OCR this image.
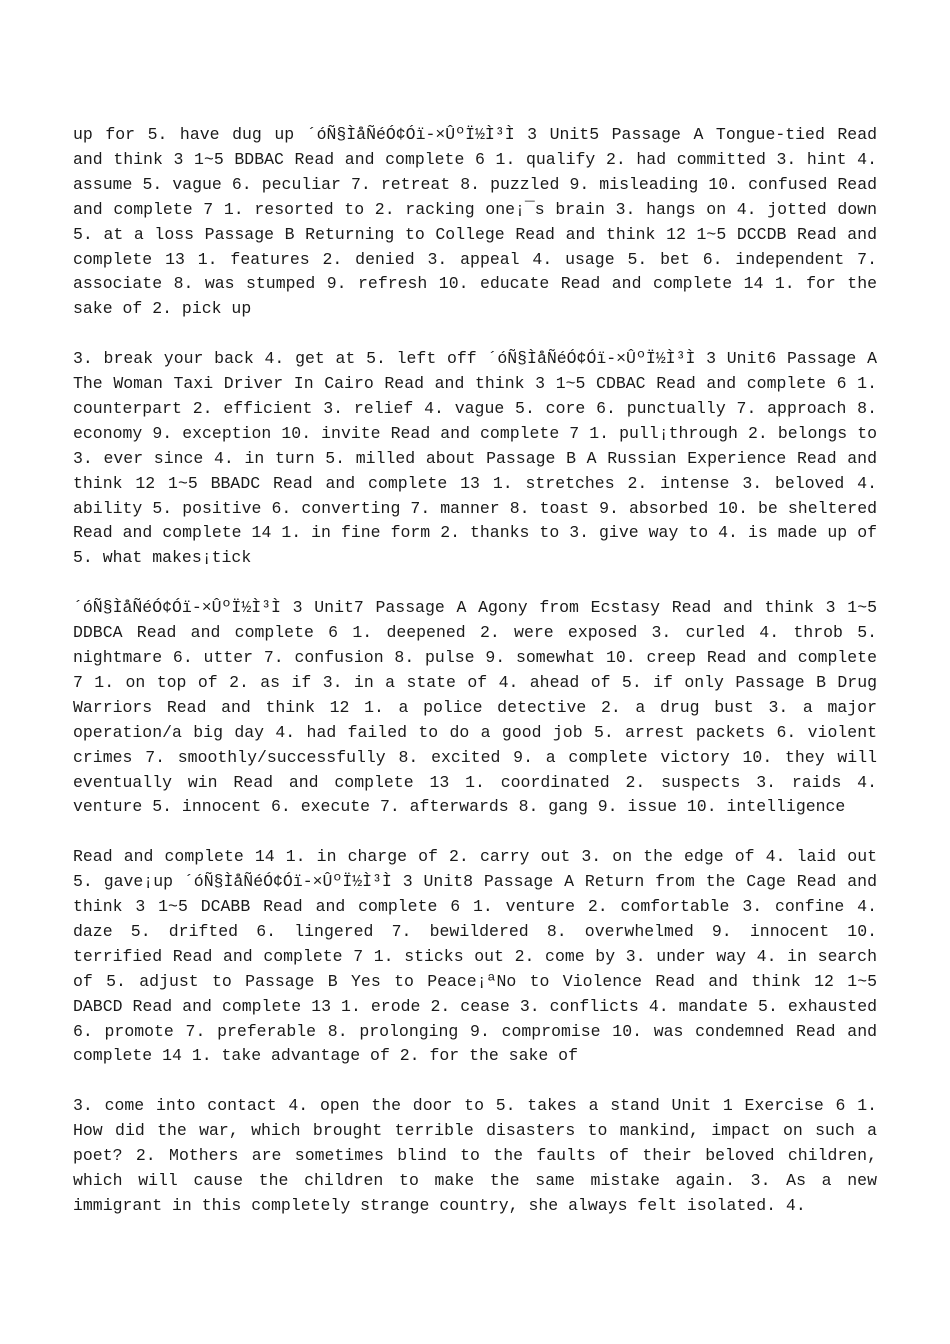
up for 5. have dug up ´óÑ§ÌåÑéÓ¢Óï-×ÛºÏ½Ì³Ì 3 Unit5 Passage A Tongue-tied Read and think 3 1~5 BDBAC Read and complete 6 1. qualify 2. had committed 3. hint 4. assume 5. vague 6. peculiar 7. retreat 8. puzzled 9. misleading 10. confused Read and complete 7 1. resorted to 2. racking one¡¯s brain 3. hangs on 4. jotted down 5. at a loss Passage B Returning to College Read and think 12 1~5 DCCDB Read and complete 13 1. features 2. denied 3. appeal 4. usage 5. bet 6. independent 7. associate 8. was stumped 9. refresh 10. educate Read and complete 14 1. for the sake of 2. pick up

3. break your back 4. get at 5. left off ´óÑ§ÌåÑéÓ¢Óï-×ÛºÏ½Ì³Ì 3 Unit6 Passage A The Woman Taxi Driver In Cairo Read and think 3 1~5 CDBAC Read and complete 6 1. counterpart 2. efficient 3. relief 4. vague 5. core 6. punctually 7. approach 8. economy 9. exception 10. invite Read and complete 7 1. pull¡through 2. belongs to 3. ever since 4. in turn 5. milled about Passage B A Russian Experience Read and think 12 1~5 BBADC Read and complete 13 1. stretches 2. intense 3. beloved 4. ability 5. positive 6. converting 7. manner 8. toast 9. absorbed 10. be sheltered Read and complete 14 1. in fine form 2. thanks to 3. give way to 4. is made up of 5. what makes¡tick

´óÑ§ÌåÑéÓ¢Óï-×ÛºÏ½Ì³Ì 3 Unit7 Passage A Agony from Ecstasy Read and think 3 1~5 DDBCA Read and complete 6 1. deepened 2. were exposed 3. curled 4. throb 5. nightmare 6. utter 7. confusion 8. pulse 9. somewhat 10. creep Read and complete 7 1. on top of 2. as if 3. in a state of 4. ahead of 5. if only Passage B Drug Warriors Read and think 12 1. a police detective 2. a drug bust 3. a major operation/a big day 4. had failed to do a good job 5. arrest packets 6. violent crimes 7. smoothly/successfully 8. excited 9. a complete victory 10. they will eventually win Read and complete 13 1. coordinated 2. suspects 3. raids 4. venture 5. innocent 6. execute 7. afterwards 8. gang 9. issue 10. intelligence

Read and complete 14 1. in charge of 2. carry out 3. on the edge of 4. laid out 5. gave¡up ´óÑ§ÌåÑéÓ¢Óï-×ÛºÏ½Ì³Ì 3 Unit8 Passage A Return from the Cage Read and think 3 1~5 DCABB Read and complete 6 1. venture 2. comfortable 3. confine 4. daze 5. drifted 6. lingered 7. bewildered 8. overwhelmed 9. innocent 10. terrified Read and complete 7 1. sticks out 2. come by 3. under way 4. in search of 5. adjust to Passage B Yes to Peace¡ªNo to Violence Read and think 12 1~5 DABCD Read and complete 13 1. erode 2. cease 3. conflicts 4. mandate 5. exhausted 6. promote 7. preferable 8. prolonging 9. compromise 10. was condemned Read and complete 14 1. take advantage of 2. for the sake of

3. come into contact 4. open the door to 5. takes a stand Unit 1 Exercise 6 1. How did the war, which brought terrible disasters to mankind, impact on such a poet? 2. Mothers are sometimes blind to the faults of their beloved children, which will cause the children to make the same mistake again. 3. As a new immigrant in this completely strange country, she always felt isolated. 4.
